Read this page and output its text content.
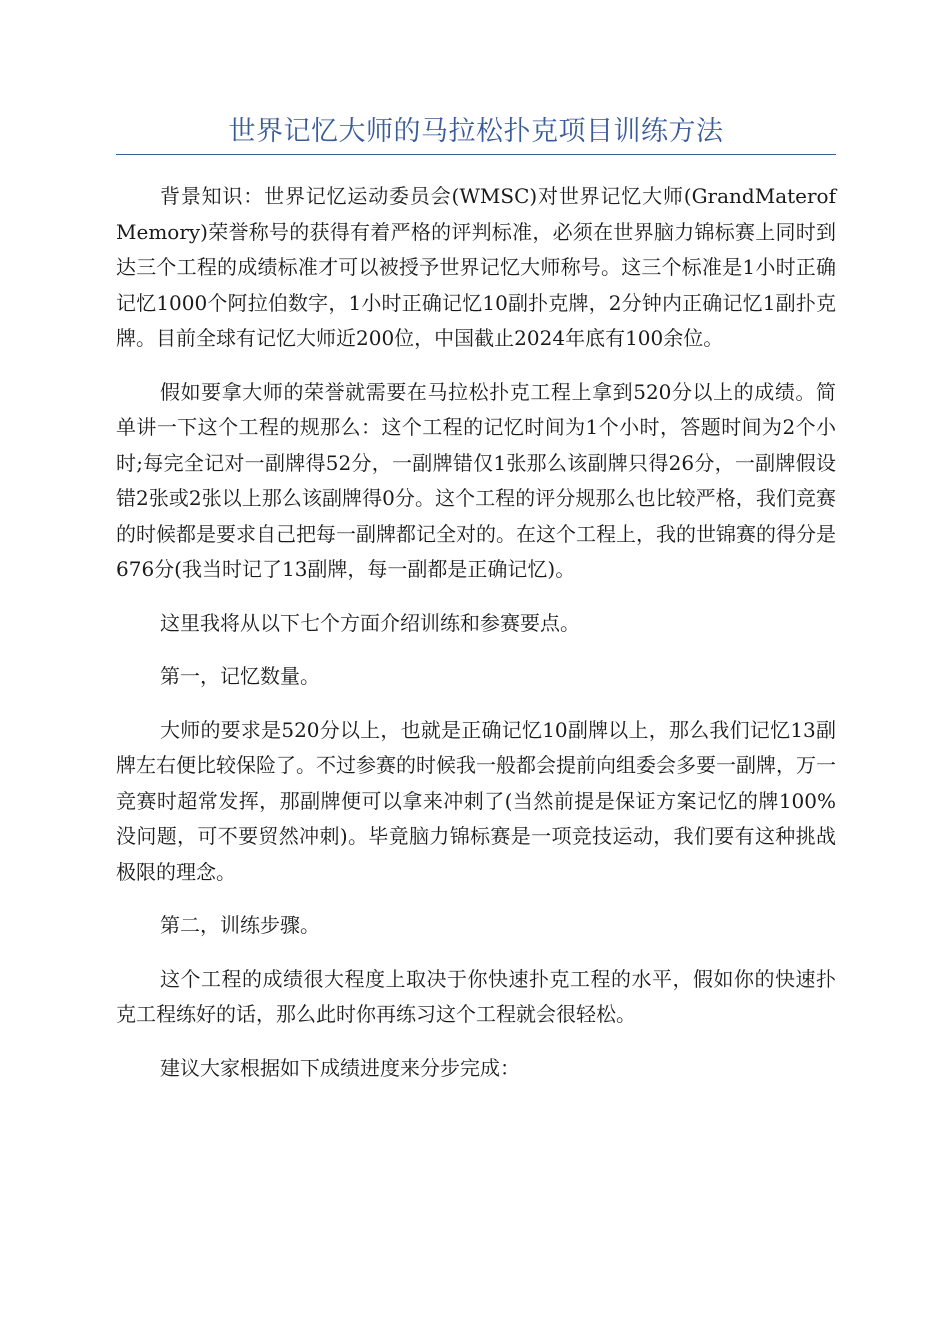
世界记忆大师的马拉松扑克项目训练方法

背景知识：世界记忆运动委员会(WMSC)对世界记忆大师(GrandMaterofMemory)荣誉称号的获得有着严格的评判标准，必须在世界脑力锦标赛上同时到达三个工程的成绩标准才可以被授予世界记忆大师称号。这三个标准是1小时正确记忆1000个阿拉伯数字，1小时正确记忆10副扑克牌，2分钟内正确记忆1副扑克牌。目前全球有记忆大师近200位，中国截止2024年底有100余位。

假如要拿大师的荣誉就需要在马拉松扑克工程上拿到520分以上的成绩。简单讲一下这个工程的规那么：这个工程的记忆时间为1个小时，答题时间为2个小时;每完全记对一副牌得52分，一副牌错仅1张那么该副牌只得26分，一副牌假设错2张或2张以上那么该副牌得0分。这个工程的评分规那么也比较严格，我们竞赛的时候都是要求自己把每一副牌都记全对的。在这个工程上，我的世锦赛的得分是676分(我当时记了13副牌，每一副都是正确记忆)。

这里我将从以下七个方面介绍训练和参赛要点。

第一，记忆数量。

大师的要求是520分以上，也就是正确记忆10副牌以上，那么我们记忆13副牌左右便比较保险了。不过参赛的时候我一般都会提前向组委会多要一副牌，万一竞赛时超常发挥，那副牌便可以拿来冲刺了(当然前提是保证方案记忆的牌100%没问题，可不要贸然冲刺)。毕竟脑力锦标赛是一项竞技运动，我们要有这种挑战极限的理念。

第二，训练步骤。

这个工程的成绩很大程度上取决于你快速扑克工程的水平，假如你的快速扑克工程练好的话，那么此时你再练习这个工程就会很轻松。

建议大家根据如下成绩进度来分步完成：
